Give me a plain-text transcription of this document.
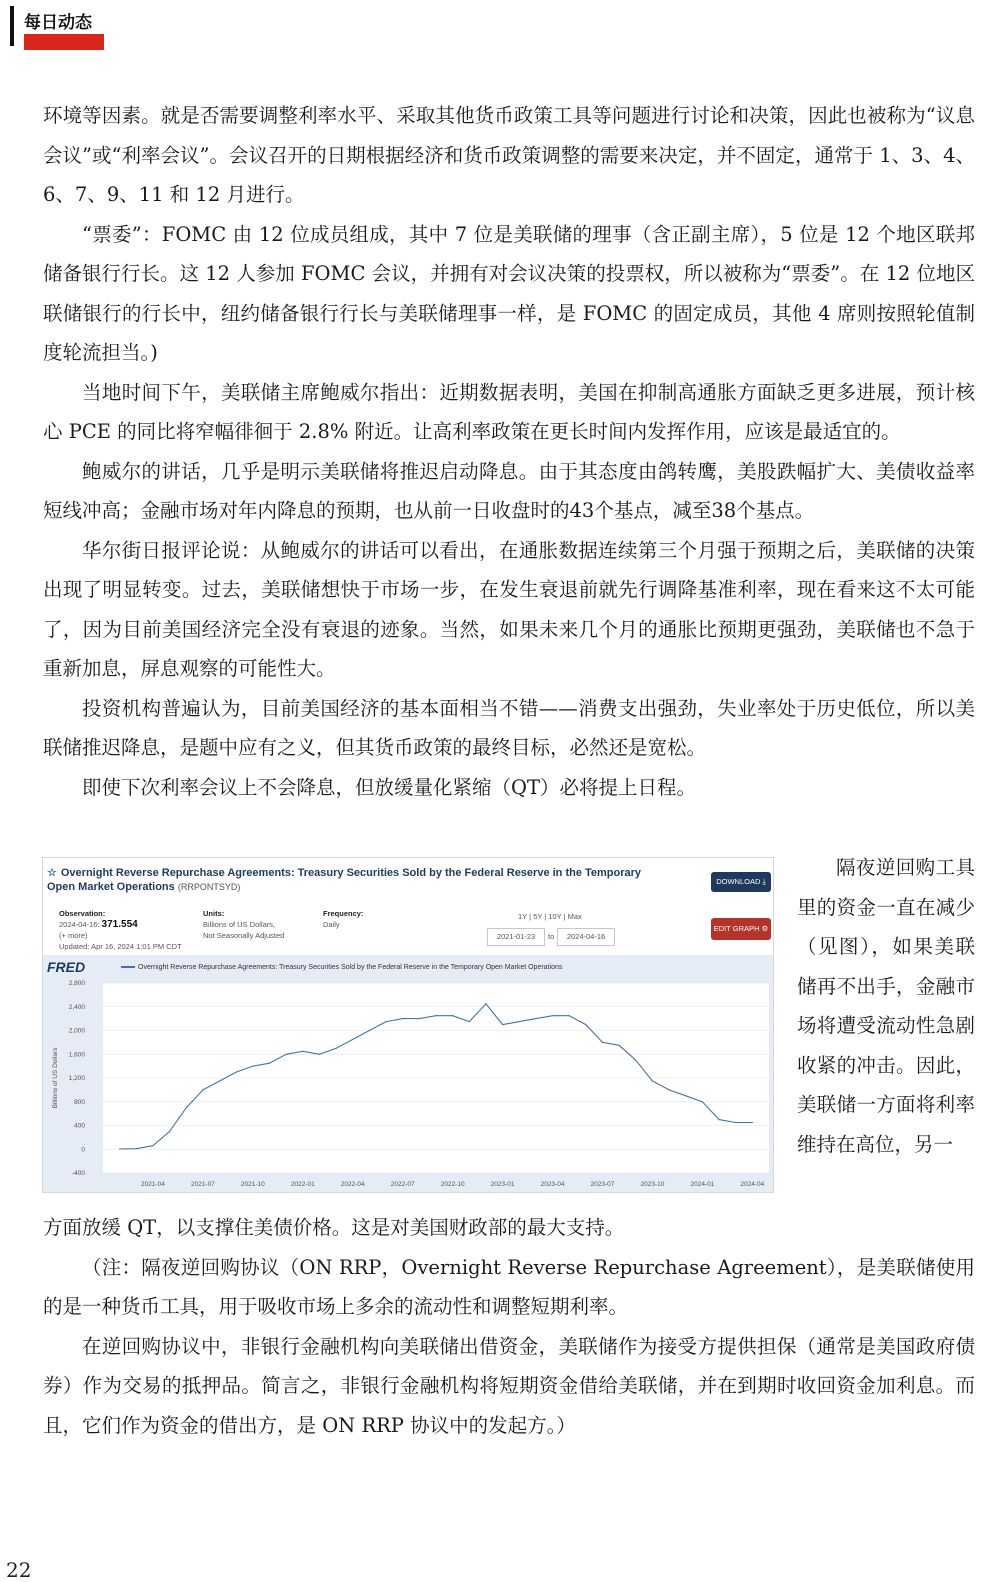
每日动态

环境等因素。就是否需要调整利率水平、采取其他货币政策工具等问题进行讨论和决策，因此也被称为“议息会议”或“利率会议”。会议召开的日期根据经济和货币政策调整的需要来决定，并不固定，通常于 1、3、4、6、7、9、11 和 12 月进行。

“票委”：FOMC 由 12 位成员组成，其中 7 位是美联储的理事（含正副主席），5 位是 12 个地区联邦储备银行行长。这 12 人参加 FOMC 会议，并拥有对会议决策的投票权，所以被称为“票委”。在 12 位地区联储银行的行长中，纽约储备银行行长与美联储理事一样，是 FOMC 的固定成员，其他 4 席则按照轮值制度轮流担当。)

当地时间下午，美联储主席鲍威尔指出：近期数据表明，美国在抑制高通胀方面缺乏更多进展，预计核心 PCE 的同比将窄幅徘徊于 2.8% 附近。让高利率政策在更长时间内发挥作用，应该是最适宜的。

鲍威尔的讲话，几乎是明示美联储将推迟启动降息。由于其态度由鸽转鹰，美股跌幅扩大、美债收益率短线冲高；金融市场对年内降息的预期，也从前一日收盘时的43个基点，减至38个基点。

华尔街日报评论说：从鲍威尔的讲话可以看出，在通胀数据连续第三个月强于预期之后，美联储的决策出现了明显转变。过去，美联储想快于市场一步，在发生衰退前就先行调降基准利率，现在看来这不太可能了，因为目前美国经济完全没有衰退的迹象。当然，如果未来几个月的通胀比预期更强劲，美联储也不急于重新加息，屏息观察的可能性大。

投资机构普遍认为，目前美国经济的基本面相当不错——消费支出强劲，失业率处于历史低位，所以美联储推迟降息，是题中应有之义，但其货币政策的最终目标，必然还是宽松。

即使下次利率会议上不会降息，但放缓量化紧缩（QT）必将提上日程。

☆ Overnight Reverse Repurchase Agreements: Treasury Securities Sold by the Federal Reserve in the Temporary Open Market Operations (RRPONTSYD)
DOWNLOAD ⤓
EDIT GRAPH ⚙
Observation:
2024-04-16: 371.554
(+ more)
Updated: Apr 16, 2024 1:01 PM CDT
Units:
Billions of US Dollars,
Not Seasonally Adjusted
Frequency:
Daily
1Y | 5Y | 10Y | Max
2021-01-23	to	2024-04-16
2,800
2,400
2,000
1,600
1,200
800
400
0
-400
Billions of US Dollars
2021-04	2021-07	2021-10	2022-01	2022-04	2022-07	2022-10	2023-01	2023-04	2023-07	2023-10	2024-01	2024-04
FRED	Overnight Reverse Repurchase Agreements: Treasury Securities Sold by the Federal Reserve in the Temporary Open Market Operations
隔夜逆回购工具里的资金一直在减少（见图），如果美联储再不出手，金融市场将遭受流动性急剧收紧的冲击。因此，美联储一方面将利率维持在高位，另一

方面放缓 QT，以支撑住美债价格。这是对美国财政部的最大支持。

（注：隔夜逆回购协议（ON RRP，Overnight Reverse Repurchase Agreement），是美联储使用的是一种货币工具，用于吸收市场上多余的流动性和调整短期利率。

在逆回购协议中，非银行金融机构向美联储出借资金，美联储作为接受方提供担保（通常是美国政府债券）作为交易的抵押品。简言之，非银行金融机构将短期资金借给美联储，并在到期时收回资金加利息。而且，它们作为资金的借出方，是 ON RRP 协议中的发起方。）

22
